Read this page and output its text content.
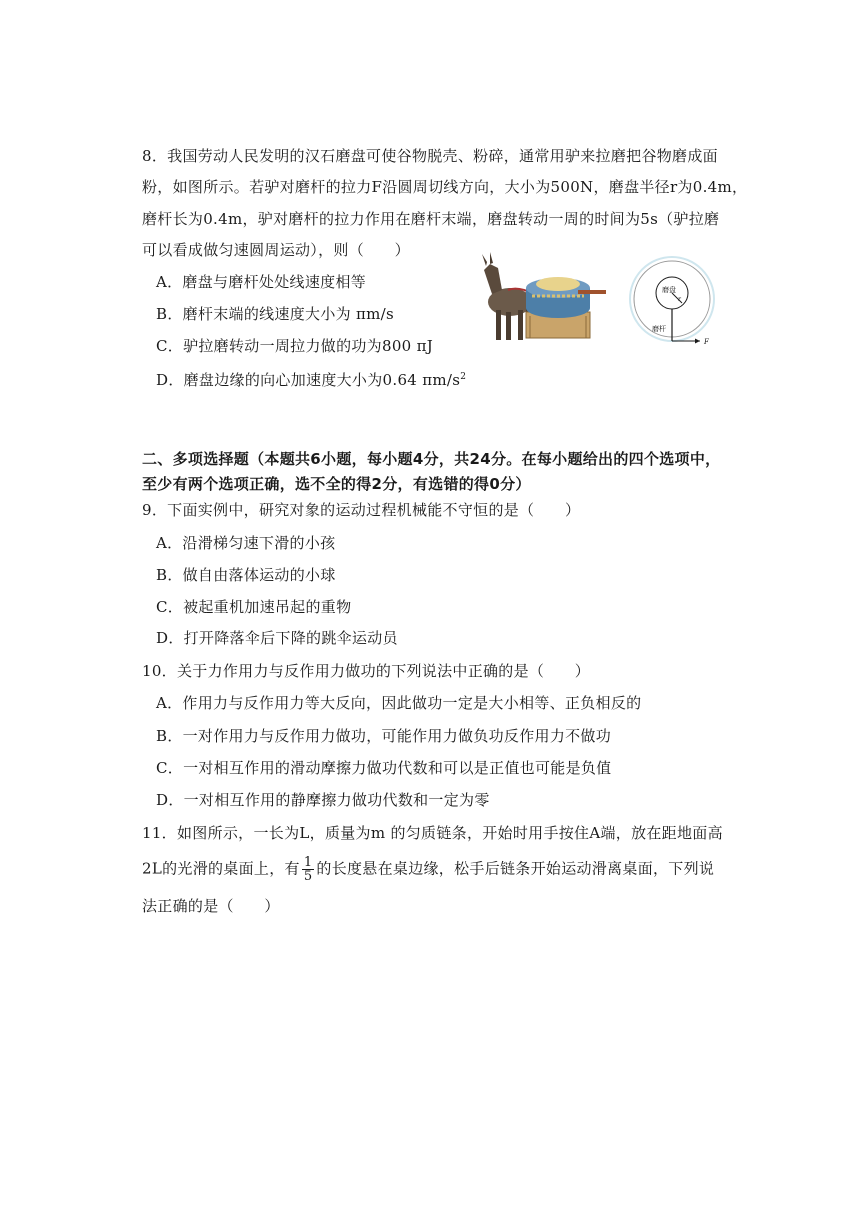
8．我国劳动人民发明的汉石磨盘可使谷物脱壳、粉碎，通常用驴来拉磨把谷物磨成面
粉，如图所示。若驴对磨杆的拉力F沿圆周切线方向，大小为500N，磨盘半径r为0.4m，
磨杆长为0.4m，驴对磨杆的拉力作用在磨杆末端，磨盘转动一周的时间为5s（驴拉磨
可以看成做匀速圆周运动），则（　　）
A．磨盘与磨杆处处线速度相等
B．磨杆末端的线速度大小为 πm/s
C．驴拉磨转动一周拉力做的功为800 πJ
D．磨盘边缘的向心加速度大小为0.64 $\pi m/s^2$
磨盘
r
磨杆
F
二、多项选择题（本题共6小题，每小题4分，共24分。在每小题给出的四个选项中，
至少有两个选项正确，选不全的得2分，有选错的得0分）
9．下面实例中，研究对象的运动过程机械能不守恒的是（　　）
A．沿滑梯匀速下滑的小孩
B．做自由落体运动的小球
C．被起重机加速吊起的重物
D．打开降落伞后下降的跳伞运动员
10．关于力作用力与反作用力做功的下列说法中正确的是（　　）
A．作用力与反作用力等大反向，因此做功一定是大小相等、正负相反的
B．一对作用力与反作用力做功，可能作用力做负功反作用力不做功
C．一对相互作用的滑动摩擦力做功代数和可以是正值也可能是负值
D．一对相互作用的静摩擦力做功代数和一定为零
11．如图所示，一长为L，质量为m 的匀质链条，开始时用手按住A端，放在距地面高
2L的光滑的桌面上，有 $\frac{1}{5}$ 的长度悬在桌边缘，松手后链条开始运动滑离桌面，下列说
法正确的是（　　）
